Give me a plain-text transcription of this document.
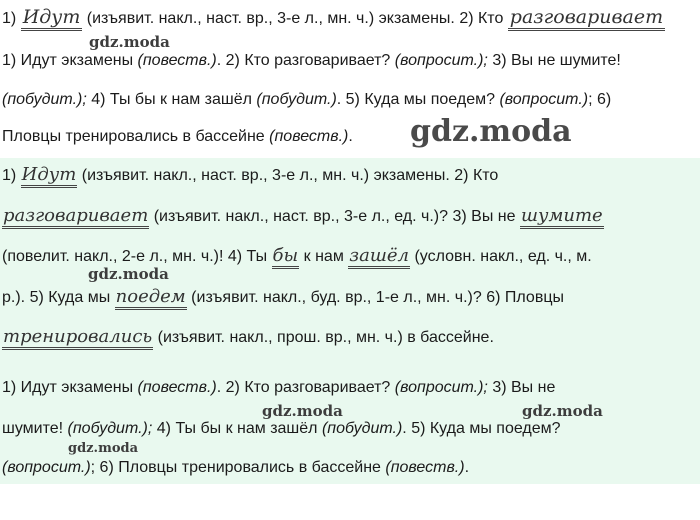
1) Идут (изъявит. накл., наст. вр., 3-е л., мн. ч.) экзамены. 2) Кто разговаривает
1) Идут экзамены (повеств.). 2) Кто разговаривает? (вопросит.); 3) Вы не шумите!
(побудит.); 4) Ты бы к нам зашёл (побудит.). 5) Куда мы поедем? (вопросит.); 6)
Пловцы тренировались в бассейне (повеств.).
1) Идут (изъявит. накл., наст. вр., 3-е л., мн. ч.) экзамены. 2) Кто
разговаривает (изъявит. накл., наст. вр., 3-е л., ед. ч.)? 3) Вы не шумите
(повелит. накл., 2-е л., мн. ч.)! 4) Ты бы к нам зашёл (условн. накл., ед. ч., м.
р.). 5) Куда мы поедем (изъявит. накл., буд. вр., 1-е л., мн. ч.)? 6) Пловцы
тренировались (изъявит. накл., прош. вр., мн. ч.) в бассейне.
1) Идут экзамены (повеств.). 2) Кто разговаривает? (вопросит.); 3) Вы не
шумите! (побудит.); 4) Ты бы к нам зашёл (побудит.). 5) Куда мы поедем?
(вопросит.); 6) Пловцы тренировались в бассейне (повеств.).
gdz.moda
gdz.moda
gdz.moda
gdz.moda	gdz.moda
gdz.moda
